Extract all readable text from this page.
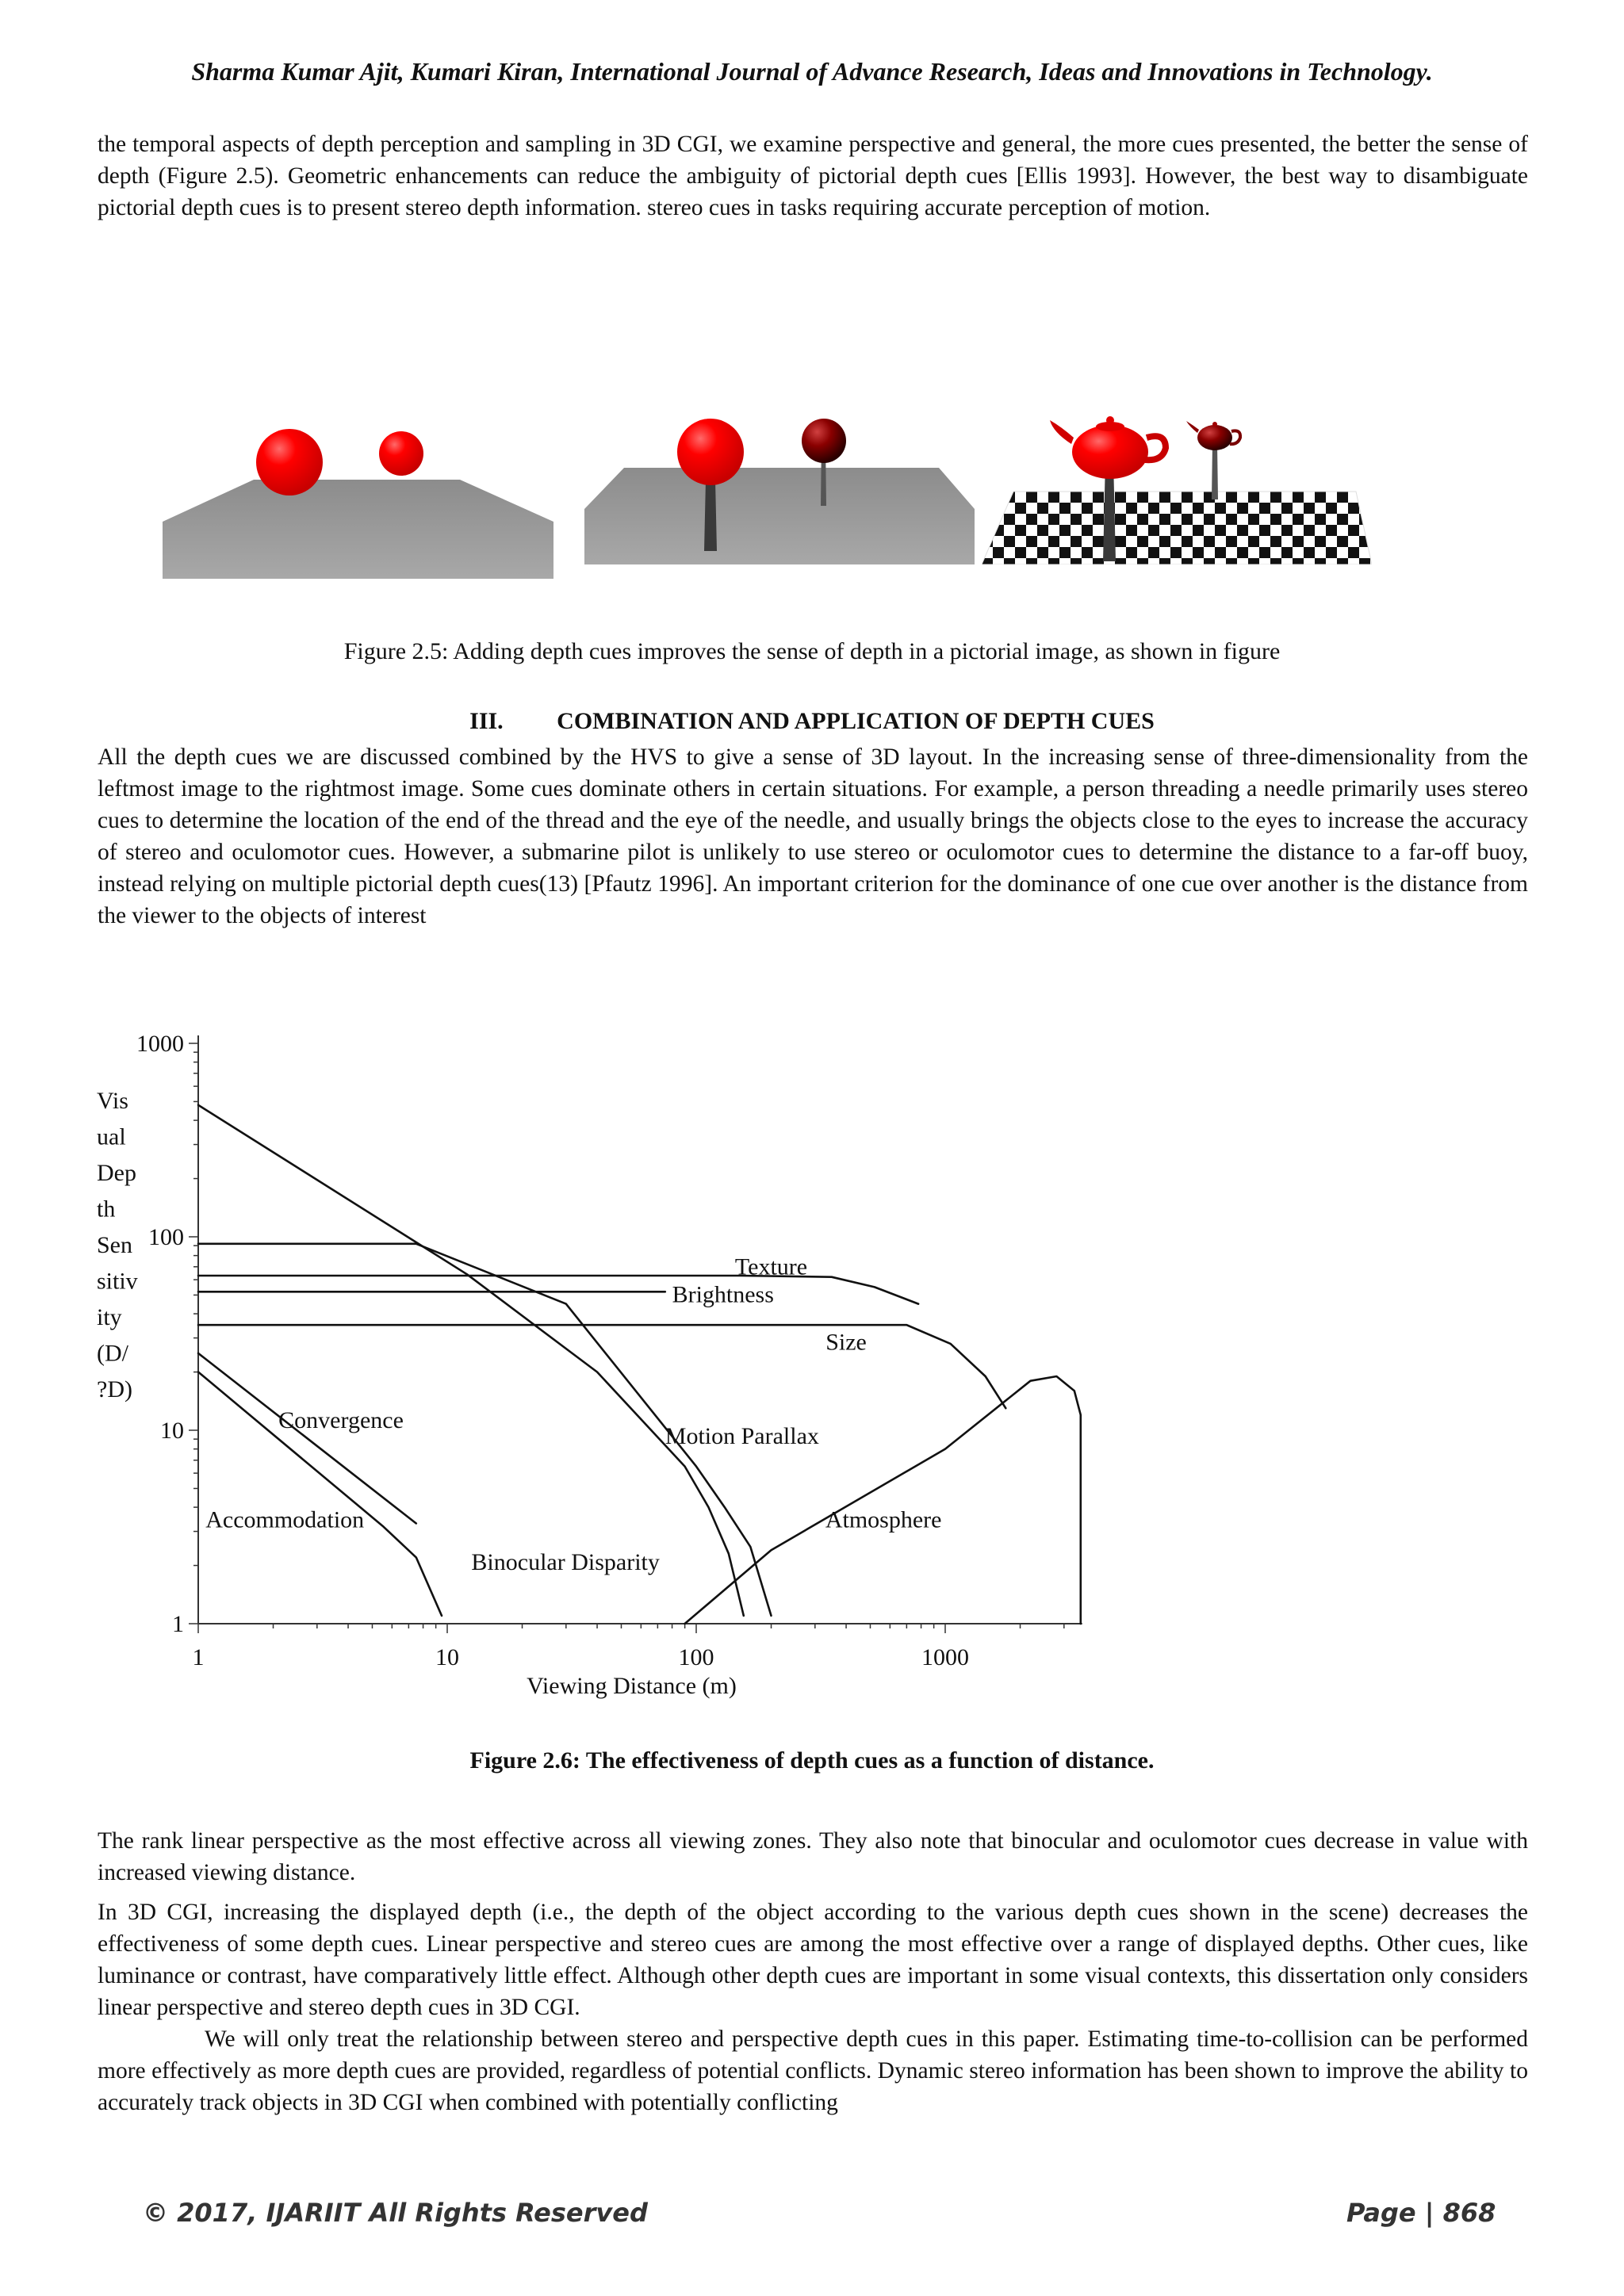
Sharma Kumar Ajit, Kumari Kiran, International Journal of Advance Research, Ideas and Innovations in Technology.

the temporal aspects of depth perception and sampling in 3D CGI, we examine perspective and general, the more cues presented, the better the sense of depth (Figure 2.5). Geometric enhancements can reduce the ambiguity of pictorial depth cues [Ellis 1993]. However, the best way to disambiguate pictorial depth cues is to present stereo depth information. stereo cues in tasks requiring accurate perception of motion.

Figure 2.5: Adding depth cues improves the sense of depth in a pictorial image, as shown in figure
III. COMBINATION AND APPLICATION OF DEPTH CUES

All the depth cues we are discussed combined by the HVS to give a sense of 3D layout. In the increasing sense of three-dimensionality from the leftmost image to the rightmost image. Some cues dominate others in certain situations. For example, a person threading a needle primarily uses stereo cues to determine the location of the end of the thread and the eye of the needle, and usually brings the objects close to the eyes to increase the accuracy of stereo and oculomotor cues. However, a submarine pilot is unlikely to use stereo or oculomotor cues to determine the distance to a far-off buoy, instead relying on multiple pictorial depth cues(13) [Pfautz 1996]. An important criterion for the dominance of one cue over another is the distance from the viewer to the objects of interest

1
10
100
1000
1	10	100	1000
Viewing Distance (m)
Vis
ual
Dep
th
Sen
sitiv
ity
(D/
?D)
Texture
Brightness
Size
Motion Parallax
Binocular Disparity
Convergence
Accommodation	Atmosphere
Figure 2.6: The effectiveness of depth cues as a function of distance.

The rank linear perspective as the most effective across all viewing zones. They also note that binocular and oculomotor cues decrease in value with increased viewing distance.

In 3D CGI, increasing the displayed depth (i.e., the depth of the object according to the various depth cues shown in the scene) decreases the effectiveness of some depth cues. Linear perspective and stereo cues are among the most effective over a range of displayed depths. Other cues, like luminance or contrast, have comparatively little effect. Although other depth cues are important in some visual contexts, this dissertation only considers linear perspective and stereo depth cues in 3D CGI.

We will only treat the relationship between stereo and perspective depth cues in this paper. Estimating time-to-collision can be performed more effectively as more depth cues are provided, regardless of potential conflicts. Dynamic stereo information has been shown to improve the ability to accurately track objects in 3D CGI when combined with potentially conflicting

© 2017, IJARIIT All Rights Reserved	Page | 868
